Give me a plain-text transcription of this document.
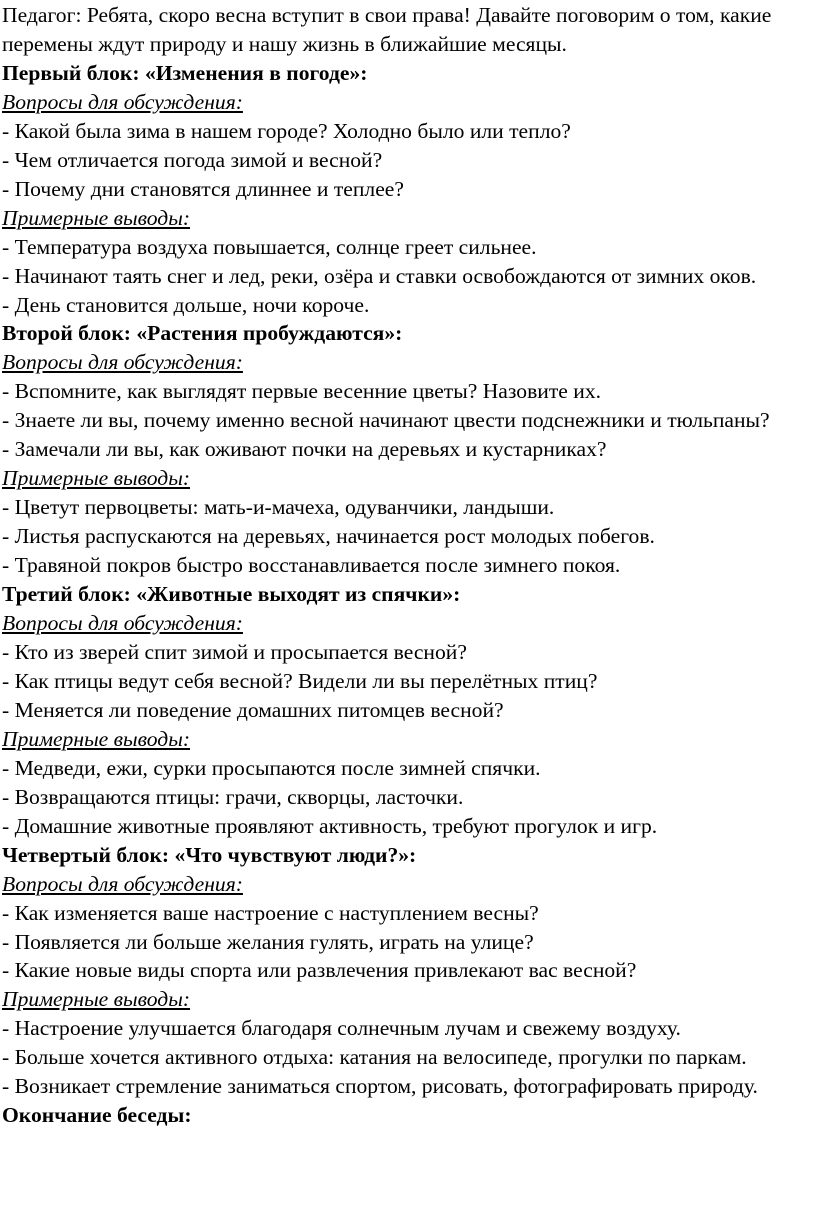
Педагог: Ребята, скоро весна вступит в свои права! Давайте поговорим о том, какие перемены ждут природу и нашу жизнь в ближайшие месяцы.

Первый блок: «Изменения в погоде»:

Вопросы для обсуждения:

- Какой была зима в нашем городе? Холодно было или тепло?

- Чем отличается погода зимой и весной?

- Почему дни становятся длиннее и теплее?

Примерные выводы:

- Температура воздуха повышается, солнце греет сильнее.

- Начинают таять снег и лед, реки, озёра и ставки освобождаются от зимних оков.

- День становится дольше, ночи короче.

Второй блок: «Растения пробуждаются»:

Вопросы для обсуждения:

- Вспомните, как выглядят первые весенние цветы? Назовите их.

- Знаете ли вы, почему именно весной начинают цвести подснежники и тюльпаны?

- Замечали ли вы, как оживают почки на деревьях и кустарниках?

Примерные выводы:

- Цветут первоцветы: мать-и-мачеха, одуванчики, ландыши.

- Листья распускаются на деревьях, начинается рост молодых побегов.

- Травяной покров быстро восстанавливается после зимнего покоя.

Третий блок: «Животные выходят из спячки»:

Вопросы для обсуждения:

- Кто из зверей спит зимой и просыпается весной?

- Как птицы ведут себя весной? Видели ли вы перелётных птиц?

- Меняется ли поведение домашних питомцев весной?

Примерные выводы:

- Медведи, ежи, сурки просыпаются после зимней спячки.

- Возвращаются птицы: грачи, скворцы, ласточки.

- Домашние животные проявляют активность, требуют прогулок и игр.

Четвертый блок: «Что чувствуют люди?»:

Вопросы для обсуждения:

- Как изменяется ваше настроение с наступлением весны?

- Появляется ли больше желания гулять, играть на улице?

- Какие новые виды спорта или развлечения привлекают вас весной?

Примерные выводы:

- Настроение улучшается благодаря солнечным лучам и свежему воздуху.

- Больше хочется активного отдыха: катания на велосипеде, прогулки по паркам.

- Возникает стремление заниматься спортом, рисовать, фотографировать природу.

Окончание беседы:
